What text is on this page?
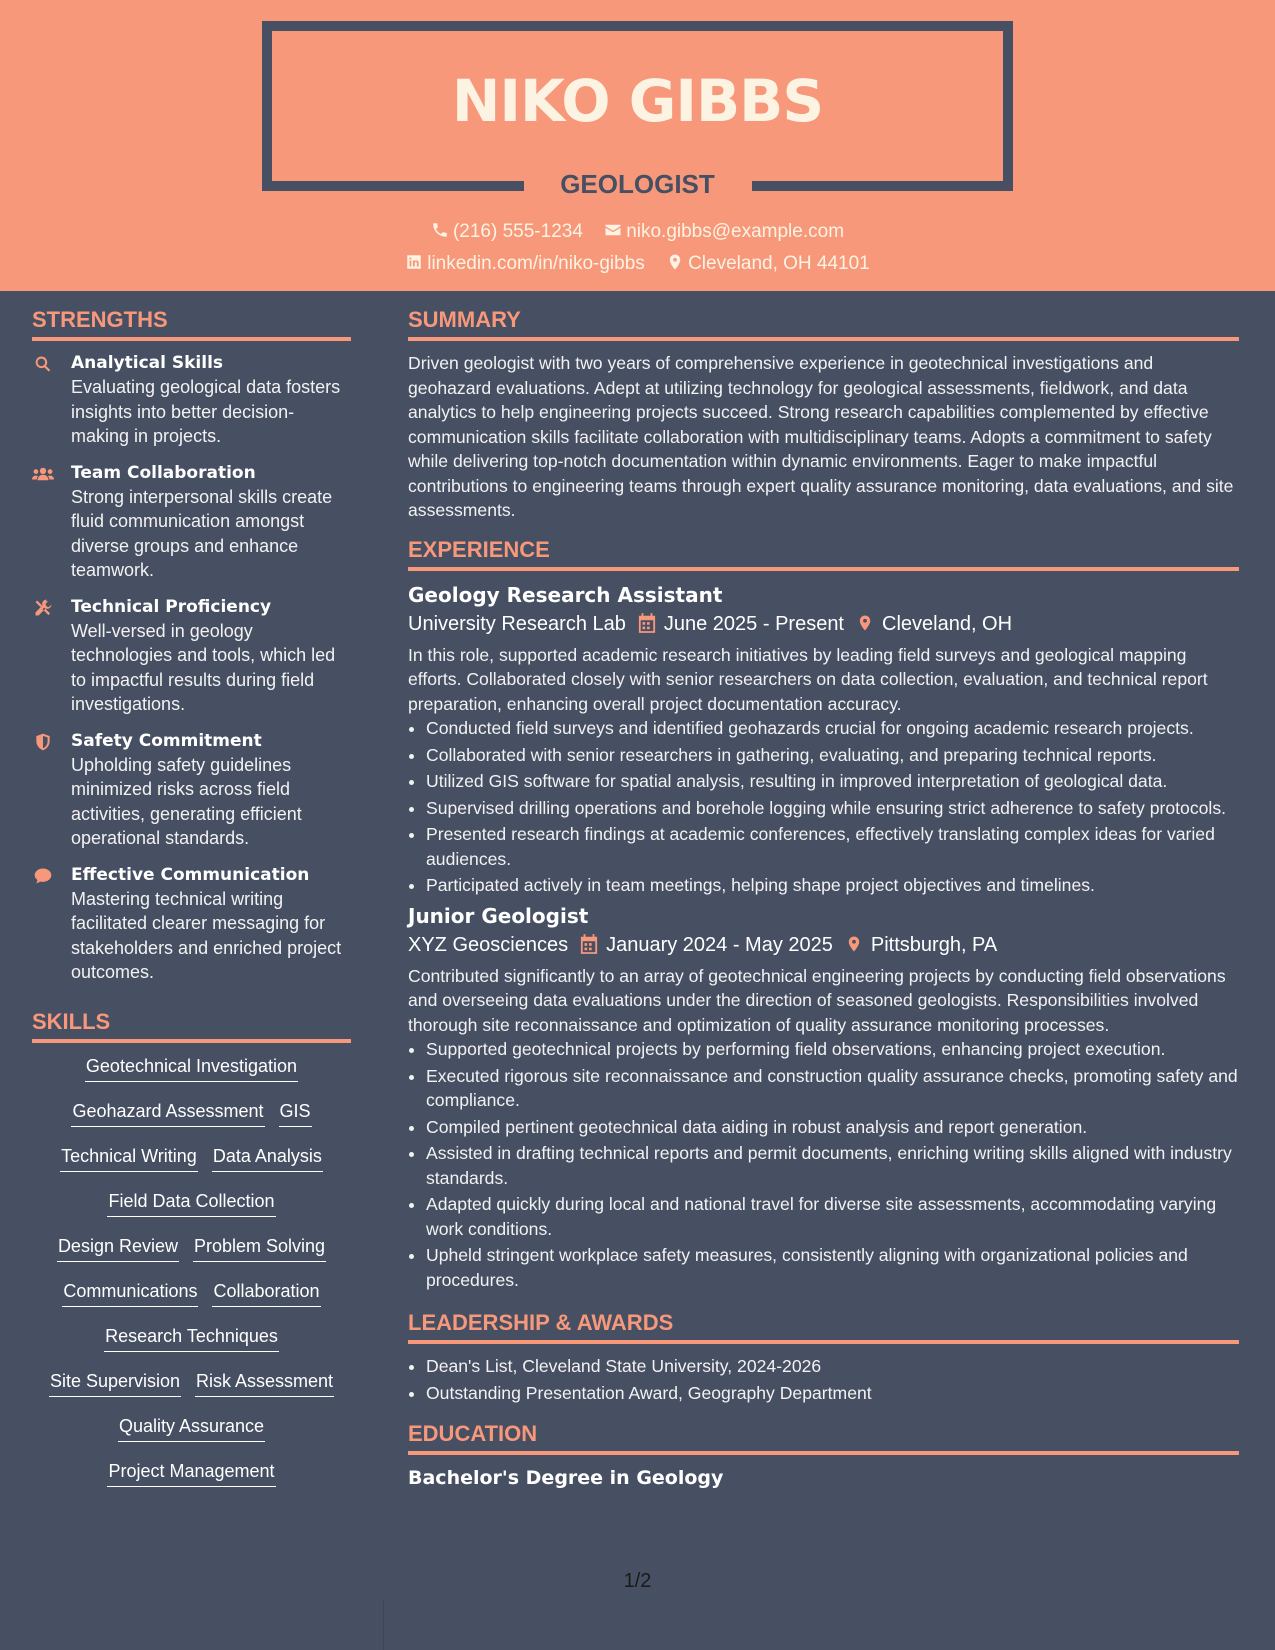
NIKO GIBBS
GEOLOGIST
(216) 555-1234 niko.gibbs@example.com
linkedin.com/in/niko-gibbs Cleveland, OH 44101
STRENGTHS
Analytical Skills
Evaluating geological data fosters insights into better decision-making in projects.
Team Collaboration
Strong interpersonal skills create fluid communication amongst diverse groups and enhance teamwork.
Technical Proficiency
Well-versed in geology technologies and tools, which led to impactful results during field investigations.
Safety Commitment
Upholding safety guidelines minimized risks across field activities, generating efficient operational standards.
Effective Communication
Mastering technical writing facilitated clearer messaging for stakeholders and enriched project outcomes.
SKILLS
Geotechnical Investigation
Geohazard Assessment GIS
Technical Writing Data Analysis
Field Data Collection
Design Review Problem Solving
Communications Collaboration
Research Techniques
Site Supervision Risk Assessment
Quality Assurance
Project Management
SUMMARY
Driven geologist with two years of comprehensive experience in geotechnical investigations and geohazard evaluations. Adept at utilizing technology for geological assessments, fieldwork, and data analytics to help engineering projects succeed. Strong research capabilities complemented by effective communication skills facilitate collaboration with multidisciplinary teams. Adopts a commitment to safety while delivering top-notch documentation within dynamic environments. Eager to make impactful contributions to engineering teams through expert quality assurance monitoring, data evaluations, and site assessments.
EXPERIENCE
Geology Research Assistant
University Research Lab June 2025 - Present Cleveland, OH
In this role, supported academic research initiatives by leading field surveys and geological mapping efforts. Collaborated closely with senior researchers on data collection, evaluation, and technical report preparation, enhancing overall project documentation accuracy.
• Conducted field surveys and identified geohazards crucial for ongoing academic research projects.
• Collaborated with senior researchers in gathering, evaluating, and preparing technical reports.
• Utilized GIS software for spatial analysis, resulting in improved interpretation of geological data.
• Supervised drilling operations and borehole logging while ensuring strict adherence to safety protocols.
• Presented research findings at academic conferences, effectively translating complex ideas for varied audiences.
• Participated actively in team meetings, helping shape project objectives and timelines.
Junior Geologist
XYZ Geosciences January 2024 - May 2025 Pittsburgh, PA
Contributed significantly to an array of geotechnical engineering projects by conducting field observations and overseeing data evaluations under the direction of seasoned geologists. Responsibilities involved thorough site reconnaissance and optimization of quality assurance monitoring processes.
• Supported geotechnical projects by performing field observations, enhancing project execution.
• Executed rigorous site reconnaissance and construction quality assurance checks, promoting safety and compliance.
• Compiled pertinent geotechnical data aiding in robust analysis and report generation.
• Assisted in drafting technical reports and permit documents, enriching writing skills aligned with industry standards.
• Adapted quickly during local and national travel for diverse site assessments, accommodating varying work conditions.
• Upheld stringent workplace safety measures, consistently aligning with organizational policies and procedures.
LEADERSHIP & AWARDS
• Dean's List, Cleveland State University, 2024-2026
• Outstanding Presentation Award, Geography Department
EDUCATION
Bachelor's Degree in Geology
1/2
